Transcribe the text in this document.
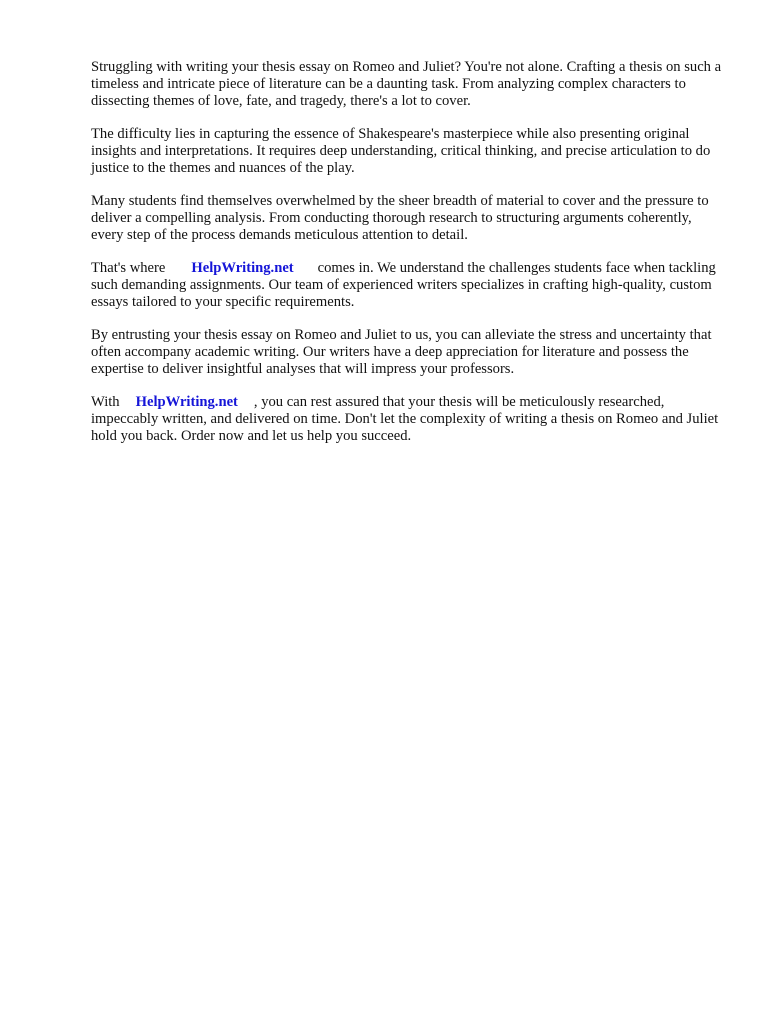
Struggling with writing your thesis essay on Romeo and Juliet? You're not alone. Crafting a thesis on such a timeless and intricate piece of literature can be a daunting task. From analyzing complex characters to dissecting themes of love, fate, and tragedy, there's a lot to cover.

The difficulty lies in capturing the essence of Shakespeare's masterpiece while also presenting original insights and interpretations. It requires deep understanding, critical thinking, and precise articulation to do justice to the themes and nuances of the play.

Many students find themselves overwhelmed by the sheer breadth of material to cover and the pressure to deliver a compelling analysis. From conducting thorough research to structuring arguments coherently, every step of the process demands meticulous attention to detail.

That's where HelpWriting.net comes in. We understand the challenges students face when tackling such demanding assignments. Our team of experienced writers specializes in crafting high-quality, custom essays tailored to your specific requirements.

By entrusting your thesis essay on Romeo and Juliet to us, you can alleviate the stress and uncertainty that often accompany academic writing. Our writers have a deep appreciation for literature and possess the expertise to deliver insightful analyses that will impress your professors.

With HelpWriting.net , you can rest assured that your thesis will be meticulously researched, impeccably written, and delivered on time. Don't let the complexity of writing a thesis on Romeo and Juliet hold you back. Order now and let us help you succeed.
